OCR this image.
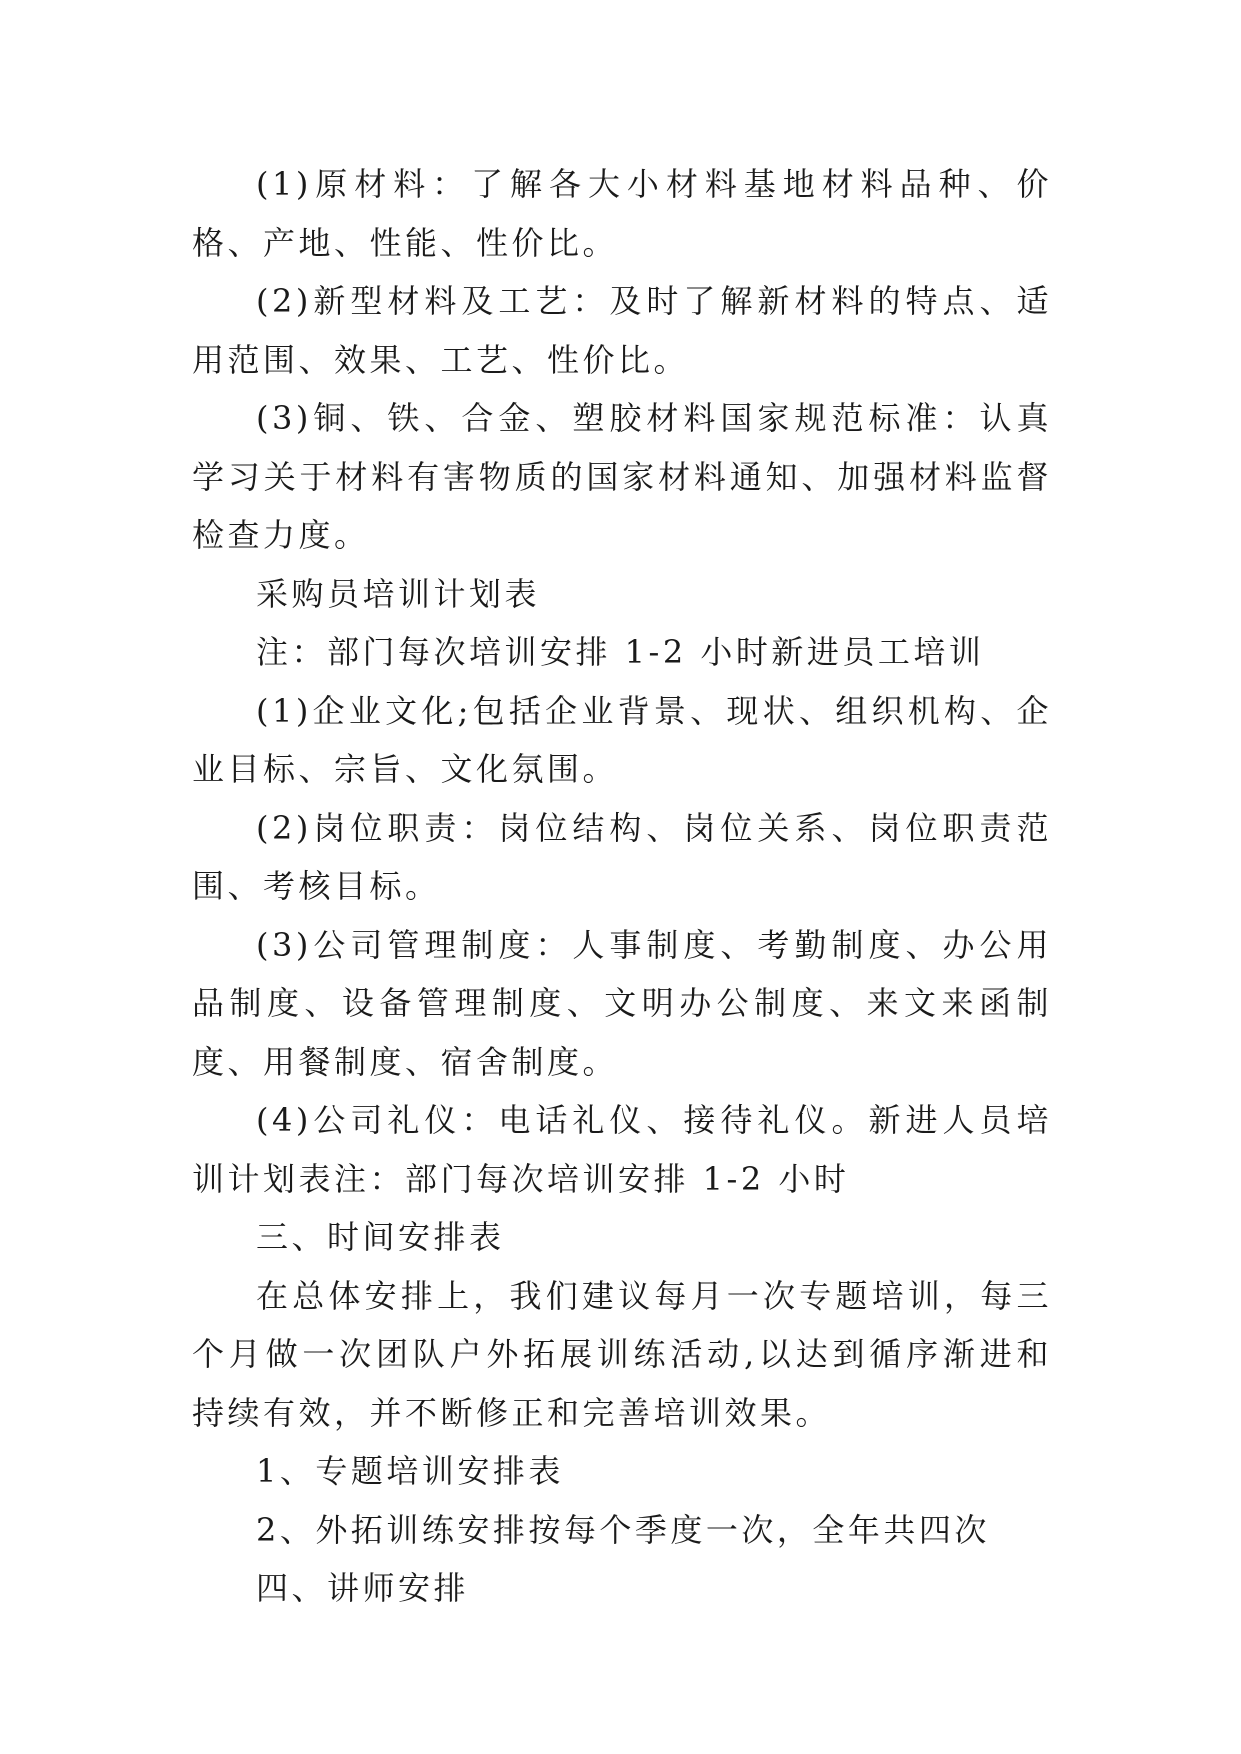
(1)原材料：了解各大小材料基地材料品种、价格、产地、性能、性价比。

(2)新型材料及工艺：及时了解新材料的特点、适用范围、效果、工艺、性价比。

(3)铜、铁、合金、塑胶材料国家规范标准：认真学习关于材料有害物质的国家材料通知、加强材料监督检查力度。

采购员培训计划表

注：部门每次培训安排 1-2 小时新进员工培训

(1)企业文化;包括企业背景、现状、组织机构、企业目标、宗旨、文化氛围。

(2)岗位职责：岗位结构、岗位关系、岗位职责范围、考核目标。

(3)公司管理制度：人事制度、考勤制度、办公用品制度、设备管理制度、文明办公制度、来文来函制度、用餐制度、宿舍制度。

(4)公司礼仪：电话礼仪、接待礼仪。新进人员培训计划表注：部门每次培训安排 1-2 小时

三、时间安排表

在总体安排上，我们建议每月一次专题培训，每三个月做一次团队户外拓展训练活动,以达到循序渐进和持续有效，并不断修正和完善培训效果。

1、专题培训安排表

2、外拓训练安排按每个季度一次，全年共四次

四、讲师安排
